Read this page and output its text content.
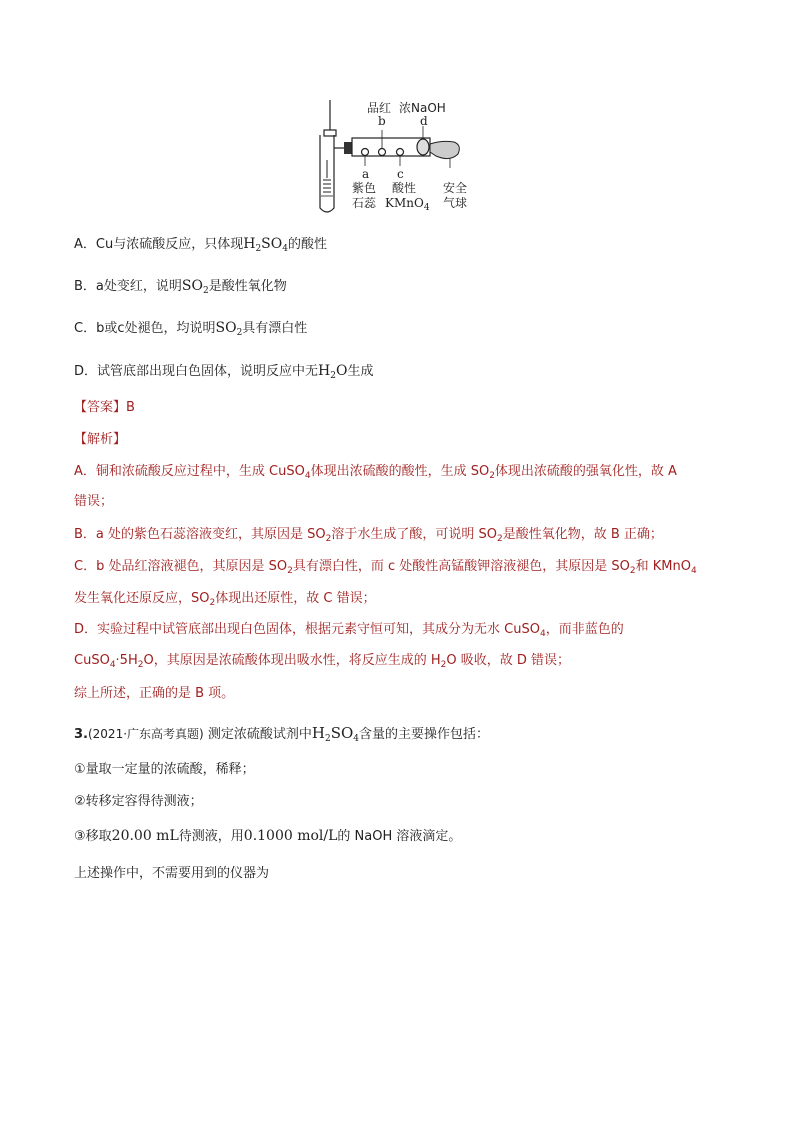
品红 浓NaOH
b	d
a c
紫色
石蕊
酸性
KMnO$_4$
安全
气球
A．Cu与浓硫酸反应，只体现$H_2SO_4$的酸性
B．a处变红，说明$SO_2$是酸性氧化物
C．b或c处褪色，均说明$SO_2$具有漂白性
D．试管底部出现白色固体，说明反应中无$H_2O$生成
【答案】B
【解析】
A．铜和浓硫酸反应过程中，生成 CuSO$_4$体现出浓硫酸的酸性，生成 $SO_2$体现出浓硫酸的强氧化性，故 A
错误；
B．a 处的紫色石蕊溶液变红，其原因是 $SO_2$溶于水生成了酸，可说明 $SO_2$是酸性氧化物，故 B 正确；
C．b 处品红溶液褪色，其原因是 $SO_2$具有漂白性，而 c 处酸性高锰酸钾溶液褪色，其原因是 $SO_2$和 KMnO$_4$
发生氧化还原反应，$SO_2$体现出还原性，故 C 错误；
D．实验过程中试管底部出现白色固体，根据元素守恒可知，其成分为无水 CuSO$_4$，而非蓝色的
$CuSO_4\cdot 5H_2O$，其原因是浓硫酸体现出吸水性，将反应生成的 $H_2O$ 吸收，故 D 错误；
综上所述，正确的是 B 项。
3.(2021·广东高考真题) 测定浓硫酸试剂中$H_2SO_4$含量的主要操作包括：
①量取一定量的浓硫酸，稀释；
②转移定容得待测液；
③移取20.00 mL待测液，用0.1000 mol/L的 NaOH 溶液滴定。
上述操作中，不需要用到的仪器为
